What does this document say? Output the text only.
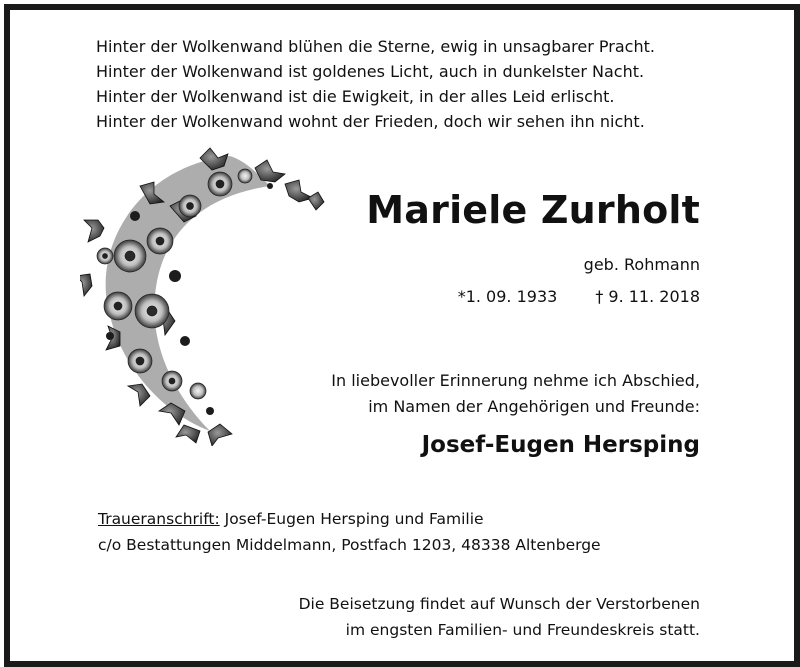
Hinter der Wolkenwand blühen die Sterne, ewig in unsagbarer Pracht.
Hinter der Wolkenwand ist goldenes Licht, auch in dunkelster Nacht.
Hinter der Wolkenwand ist die Ewigkeit, in der alles Leid erlischt.
Hinter der Wolkenwand wohnt der Frieden, doch wir sehen ihn nicht.
Mariele Zurholt
geb. Rohmann
*1. 09. 1933 † 9. 11. 2018
In liebevoller Erinnerung nehme ich Abschied,
im Namen der Angehörigen und Freunde:
Josef-Eugen Hersping
Traueranschrift: Josef-Eugen Hersping und Familie
c/o Bestattungen Middelmann, Postfach 1203, 48338 Altenberge
Die Beisetzung findet auf Wunsch der Verstorbenen
im engsten Familien- und Freundeskreis statt.
